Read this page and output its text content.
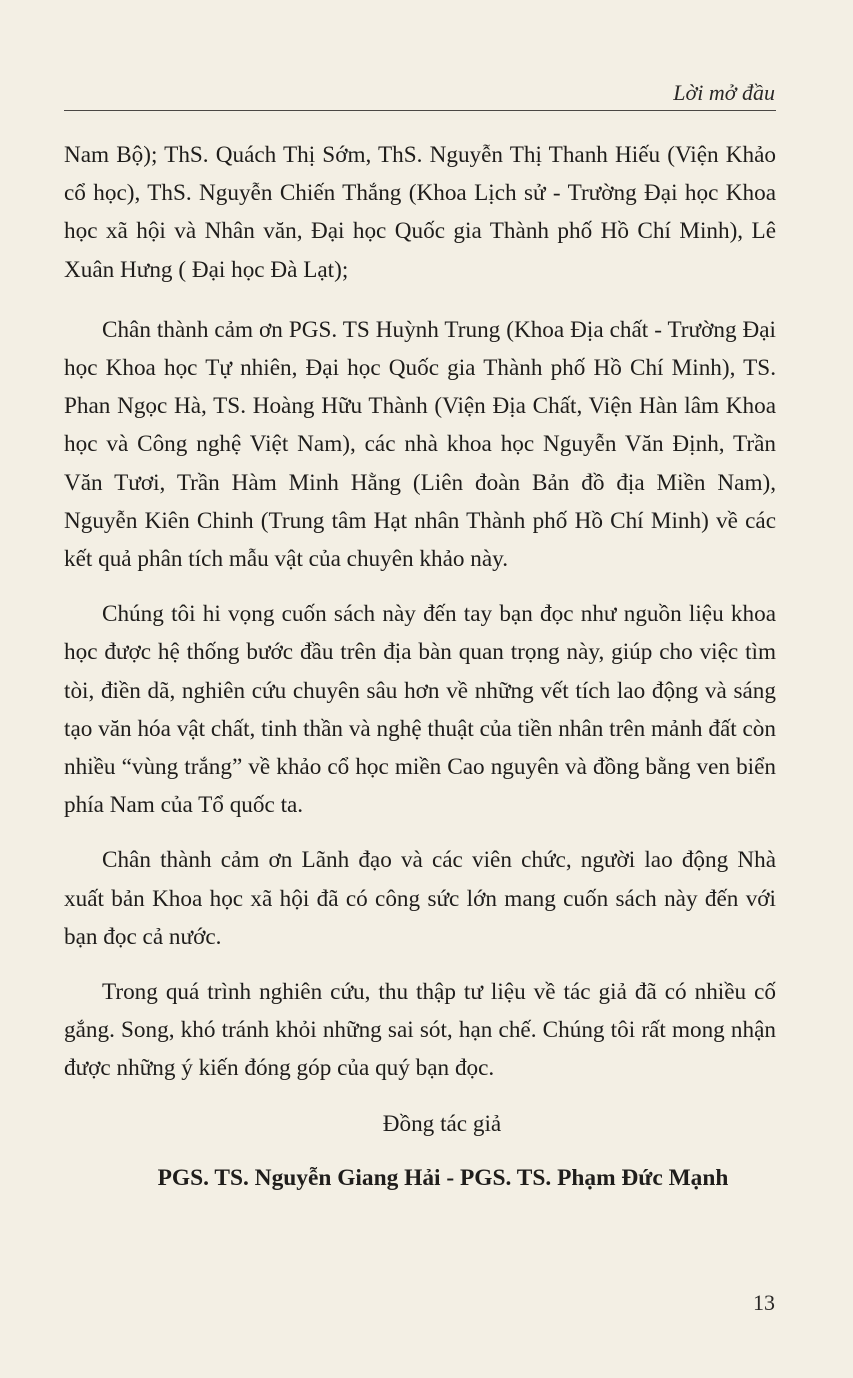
Lời mở đầu

Nam Bộ); ThS. Quách Thị Sớm, ThS. Nguyễn Thị Thanh Hiếu (Viện Khảo cổ học), ThS. Nguyễn Chiến Thắng (Khoa Lịch sử - Trường Đại học Khoa học xã hội và Nhân văn, Đại học Quốc gia Thành phố Hồ Chí Minh), Lê Xuân Hưng ( Đại học Đà Lạt);

Chân thành cảm ơn PGS. TS Huỳnh Trung (Khoa Địa chất - Trường Đại học Khoa học Tự nhiên, Đại học Quốc gia Thành phố Hồ Chí Minh), TS. Phan Ngọc Hà, TS. Hoàng Hữu Thành (Viện Địa Chất, Viện Hàn lâm Khoa học và Công nghệ Việt Nam), các nhà khoa học Nguyễn Văn Định, Trần Văn Tươi, Trần Hàm Minh Hằng (Liên đoàn Bản đồ địa Miền Nam), Nguyễn Kiên Chinh (Trung tâm Hạt nhân Thành phố Hồ Chí Minh) về các kết quả phân tích mẫu vật của chuyên khảo này.

Chúng tôi hi vọng cuốn sách này đến tay bạn đọc như nguồn liệu khoa học được hệ thống bước đầu trên địa bàn quan trọng này, giúp cho việc tìm tòi, điền dã, nghiên cứu chuyên sâu hơn về những vết tích lao động và sáng tạo văn hóa vật chất, tinh thần và nghệ thuật của tiền nhân trên mảnh đất còn nhiều “vùng trắng” về khảo cổ học miền Cao nguyên và đồng bằng ven biển phía Nam của Tổ quốc ta.

Chân thành cảm ơn Lãnh đạo và các viên chức, người lao động Nhà xuất bản Khoa học xã hội đã có công sức lớn mang cuốn sách này đến với bạn đọc cả nước.

Trong quá trình nghiên cứu, thu thập tư liệu về tác giả đã có nhiều cố gắng. Song, khó tránh khỏi những sai sót, hạn chế. Chúng tôi rất mong nhận được những ý kiến đóng góp của quý bạn đọc.

Đồng tác giả
PGS. TS. Nguyễn Giang Hải - PGS. TS. Phạm Đức Mạnh
13
